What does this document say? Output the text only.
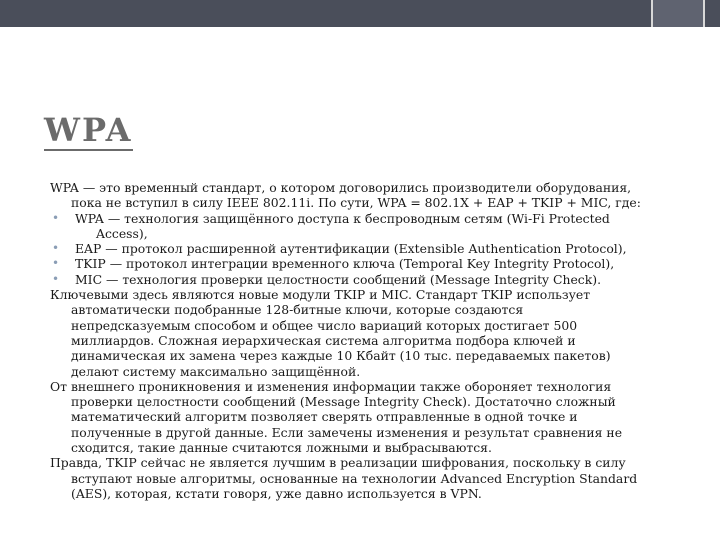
WPA

WPA — это временный стандарт, о котором договорились производители оборудования,
пока не вступил в силу IEEE 802.11i. По сути, WPA = 802.1X + EAP + TKIP + MIC, где:

• WPA — технология защищённого доступа к беспроводным сетям (Wi-Fi Protected
Access),
• EAP — протокол расширенной аутентификации (Extensible Authentication Protocol),
• TKIP — протокол интеграции временного ключа (Temporal Key Integrity Protocol),
• MIC — технология проверки целостности сообщений (Message Integrity Check).

Ключевыми здесь являются новые модули TKIP и MIC. Стандарт TKIP использует
автоматически подобранные 128-битные ключи, которые создаются
непредсказуемым способом и общее число вариаций которых достигает 500
миллиардов. Сложная иерархическая система алгоритма подбора ключей и
динамическая их замена через каждые 10 Кбайт (10 тыс. передаваемых пакетов)
делают систему максимально защищённой.

От внешнего проникновения и изменения информации также обороняет технология
проверки целостности сообщений (Message Integrity Check). Достаточно сложный
математический алгоритм позволяет сверять отправленные в одной точке и
полученные в другой данные. Если замечены изменения и результат сравнения не
сходится, такие данные считаются ложными и выбрасываются.

Правда, TKIP сейчас не является лучшим в реализации шифрования, поскольку в силу
вступают новые алгоритмы, основанные на технологии Advanced Encryption Standard
(AES), которая, кстати говоря, уже давно используется в VPN.
